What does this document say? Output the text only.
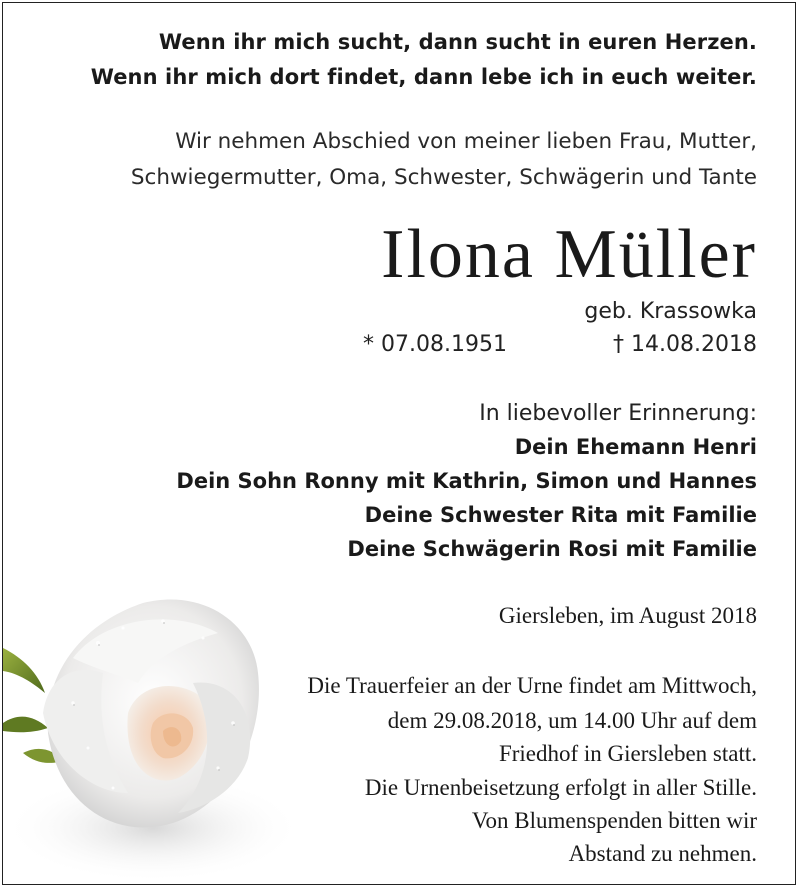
Wenn ihr mich sucht, dann sucht in euren Herzen.
Wenn ihr mich dort findet, dann lebe ich in euch weiter.
Wir nehmen Abschied von meiner lieben Frau, Mutter,
Schwiegermutter, Oma, Schwester, Schwägerin und Tante
Ilona Müller
geb. Krassowka
* 07.08.1951	† 14.08.2018
In liebevoller Erinnerung:
Dein Ehemann Henri
Dein Sohn Ronny mit Kathrin, Simon und Hannes
Deine Schwester Rita mit Familie
Deine Schwägerin Rosi mit Familie
Giersleben, im August 2018
Die Trauerfeier an der Urne findet am Mittwoch,
dem 29.08.2018, um 14.00 Uhr auf dem
Friedhof in Giersleben statt.
Die Urnenbeisetzung erfolgt in aller Stille.
Von Blumenspenden bitten wir
Abstand zu nehmen.
